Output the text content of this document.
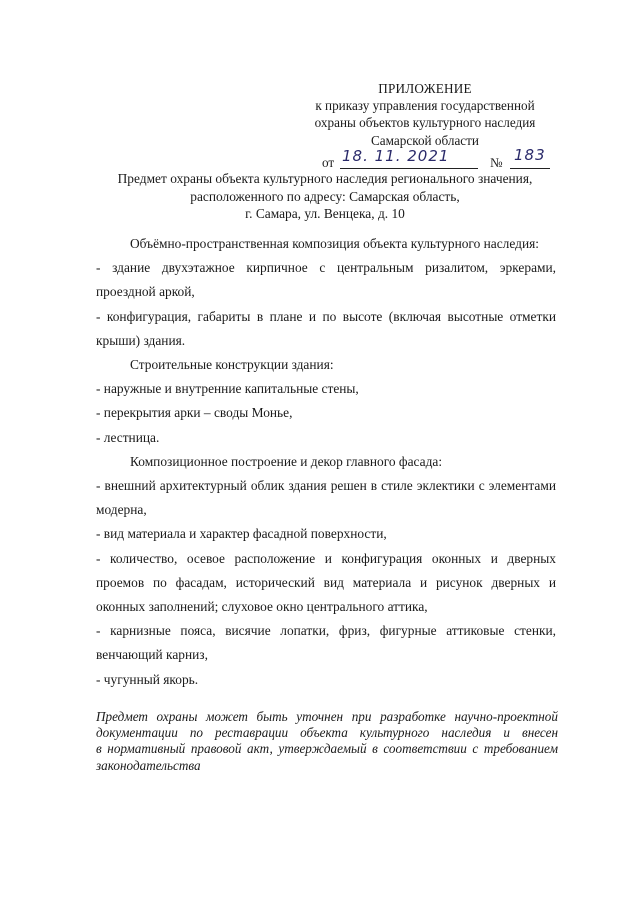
ПРИЛОЖЕНИЕ
к приказу управления государственной
охраны объектов культурного наследия
Самарской области
от 18. 11. 2021	№ 183
Предмет охраны объекта культурного наследия регионального значения,
расположенного по адресу: Самарская область,
г. Самара, ул. Венцека, д. 10

Объёмно-пространственная композиция объекта культурного наследия:

- здание двухэтажное кирпичное с центральным ризалитом, эркерами, проездной аркой,

- конфигурация, габариты в плане и по высоте (включая высотные отметки крыши) здания.

Строительные конструкции здания:

- наружные и внутренние капитальные стены,

- перекрытия арки – своды Монье,

- лестница.

Композиционное построение и декор главного фасада:

- внешний архитектурный облик здания решен в стиле эклектики с элементами модерна,

- вид материала и характер фасадной поверхности,

- количество, осевое расположение и конфигурация оконных и дверных проемов по фасадам, исторический вид материала и рисунок дверных и оконных заполнений; слуховое окно центрального аттика,

- карнизные пояса, висячие лопатки, фриз, фигурные аттиковые стенки, венчающий карниз,

- чугунный якорь.

Предмет охраны может быть уточнен при разработке научно-проектной
документации по реставрации объекта культурного наследия и внесен
в нормативный правовой акт, утверждаемый в соответствии с требованием
законодательства
